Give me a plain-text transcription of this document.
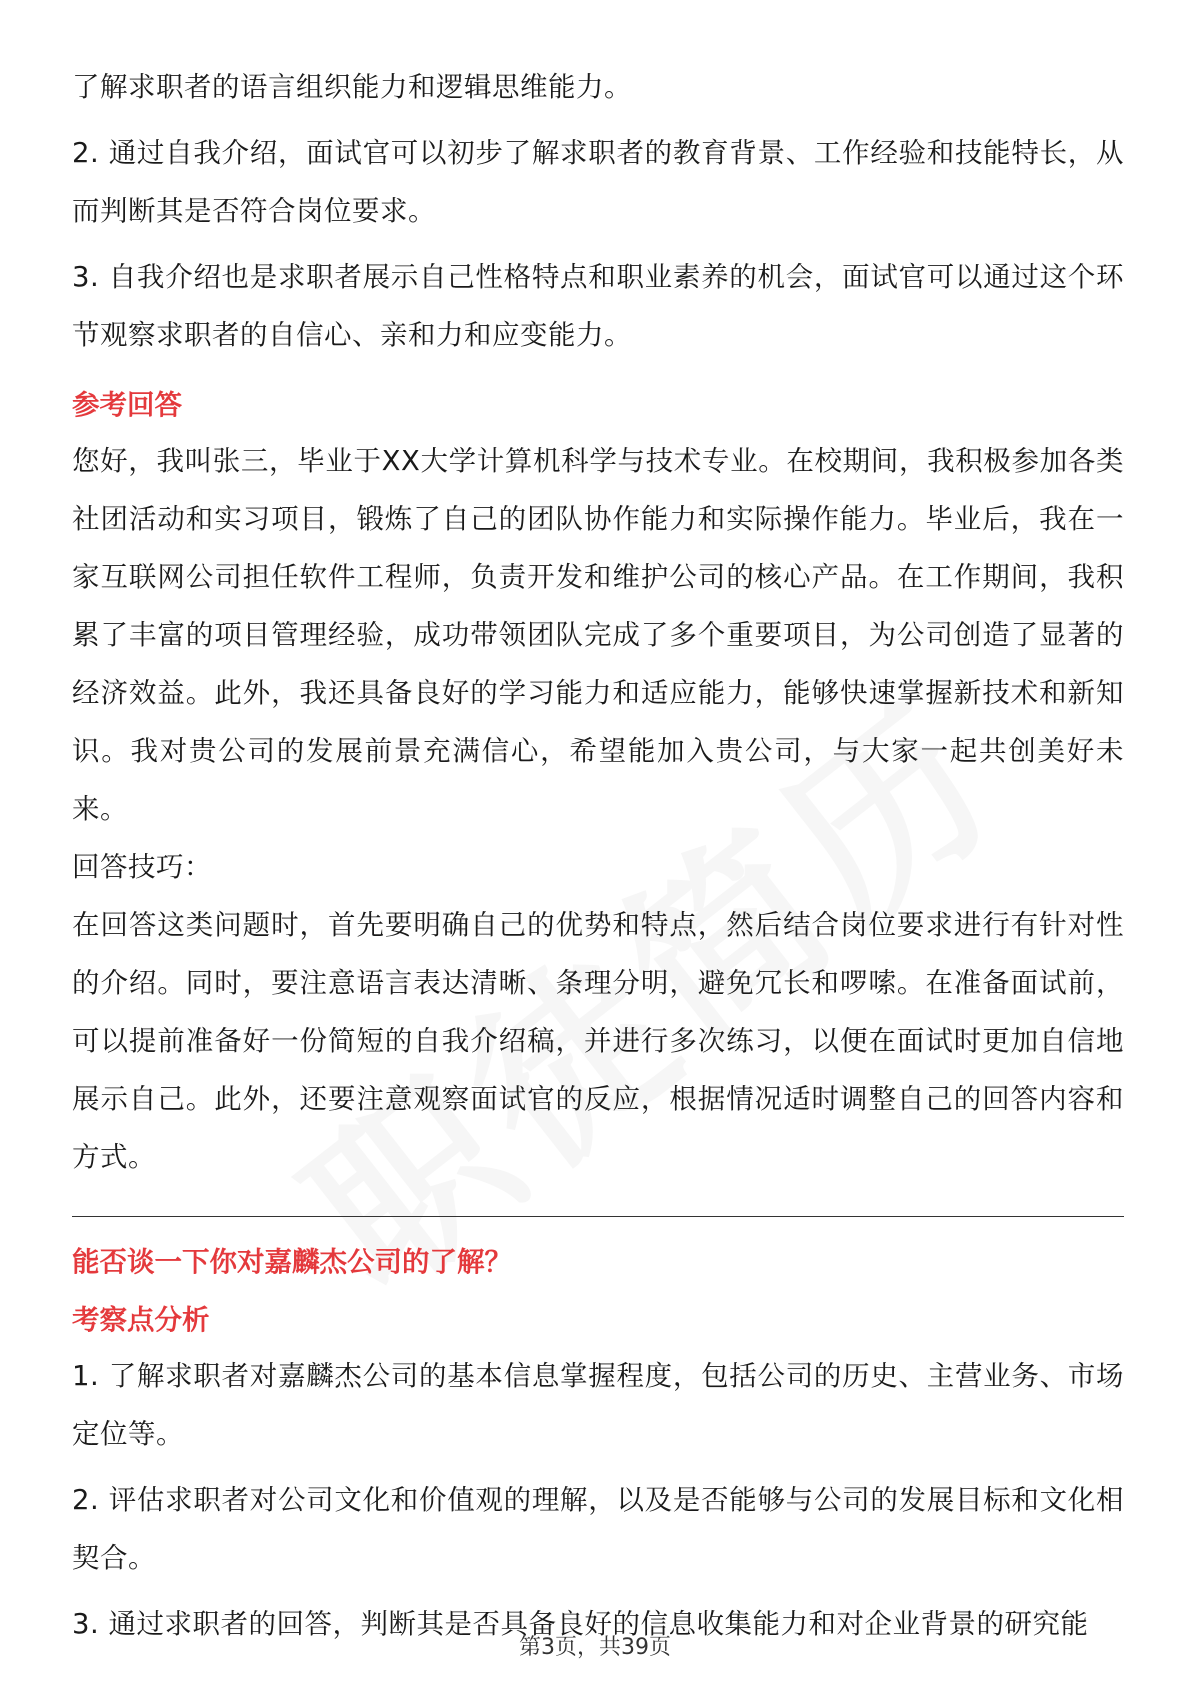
了解求职者的语言组织能力和逻辑思维能力。

2. 通过自我介绍，面试官可以初步了解求职者的教育背景、工作经验和技能特长，从而判断其是否符合岗位要求。

3. 自我介绍也是求职者展示自己性格特点和职业素养的机会，面试官可以通过这个环节观察求职者的自信心、亲和力和应变能力。

参考回答

您好，我叫张三，毕业于XX大学计算机科学与技术专业。在校期间，我积极参加各类社团活动和实习项目，锻炼了自己的团队协作能力和实际操作能力。毕业后，我在一家互联网公司担任软件工程师，负责开发和维护公司的核心产品。在工作期间，我积累了丰富的项目管理经验，成功带领团队完成了多个重要项目，为公司创造了显著的经济效益。此外，我还具备良好的学习能力和适应能力，能够快速掌握新技术和新知识。我对贵公司的发展前景充满信心，希望能加入贵公司，与大家一起共创美好未来。

回答技巧：

在回答这类问题时，首先要明确自己的优势和特点，然后结合岗位要求进行有针对性的介绍。同时，要注意语言表达清晰、条理分明，避免冗长和啰嗦。在准备面试前，可以提前准备好一份简短的自我介绍稿，并进行多次练习，以便在面试时更加自信地展示自己。此外，还要注意观察面试官的反应，根据情况适时调整自己的回答内容和方式。

能否谈一下你对嘉麟杰公司的了解？
考察点分析

1. 了解求职者对嘉麟杰公司的基本信息掌握程度，包括公司的历史、主营业务、市场定位等。

2. 评估求职者对公司文化和价值观的理解，以及是否能够与公司的发展目标和文化相契合。

3. 通过求职者的回答，判断其是否具备良好的信息收集能力和对企业背景的研究能

第3页，共39页
